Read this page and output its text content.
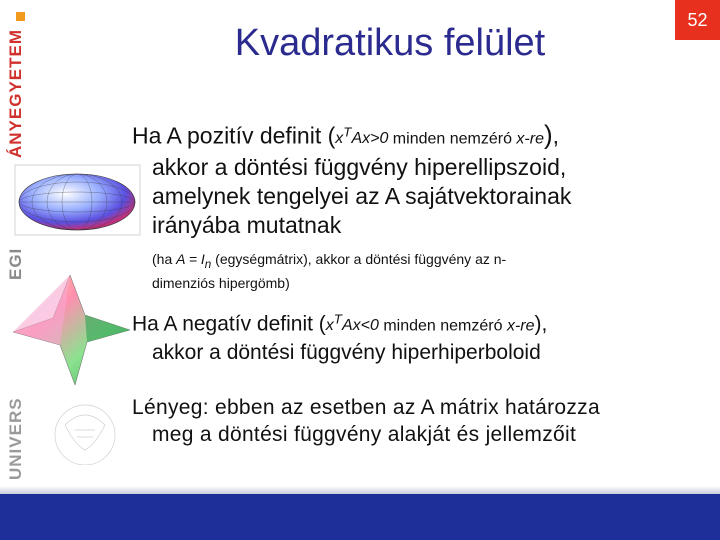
ÁNYEGYETEM
EGI
UNIVERS
Kvadratikus felület
52

Ha A pozitív definit ($x^TAx>0$ minden nemzéró x-re),
akkor a döntési függvény hiperellipszoid,
amelynek tengelyei az A sajátvektorainak
irányába mutatnak

(ha $A = I_n$ (egységmátrix), akkor a döntési függvény az n-
dimenziós hipergömb)

Ha A negatív definit ($x^TAx<0$ minden nemzéró x-re),
akkor a döntési függvény hiperhiperboloid

Lényeg: ebben az esetben az A mátrix határozza
meg a döntési függvény alakját és jellemzőit
